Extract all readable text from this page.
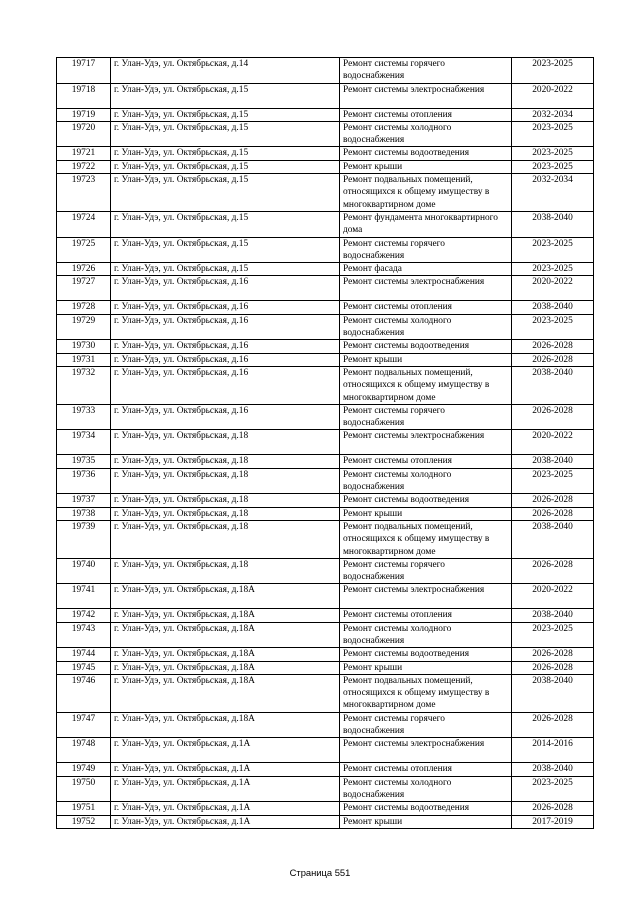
19717	г. Улан-Удэ, ул. Октябрьская, д.14	Ремонт системы горячего водоснабжения	2023-2025
19718	г. Улан-Удэ, ул. Октябрьская, д.15	Ремонт системы электроснабжения	2020-2022
19719	г. Улан-Удэ, ул. Октябрьская, д.15	Ремонт системы отопления	2032-2034
19720	г. Улан-Удэ, ул. Октябрьская, д.15	Ремонт системы холодного водоснабжения	2023-2025
19721	г. Улан-Удэ, ул. Октябрьская, д.15	Ремонт системы водоотведения	2023-2025
19722	г. Улан-Удэ, ул. Октябрьская, д.15	Ремонт крыши	2023-2025
19723	г. Улан-Удэ, ул. Октябрьская, д.15	Ремонт подвальных помещений, относящихся к общему имуществу в многоквартирном доме	2032-2034
19724	г. Улан-Удэ, ул. Октябрьская, д.15	Ремонт фундамента многоквартирного дома	2038-2040
19725	г. Улан-Удэ, ул. Октябрьская, д.15	Ремонт системы горячего водоснабжения	2023-2025
19726	г. Улан-Удэ, ул. Октябрьская, д.15	Ремонт фасада	2023-2025
19727	г. Улан-Удэ, ул. Октябрьская, д.16	Ремонт системы электроснабжения	2020-2022
19728	г. Улан-Удэ, ул. Октябрьская, д.16	Ремонт системы отопления	2038-2040
19729	г. Улан-Удэ, ул. Октябрьская, д.16	Ремонт системы холодного водоснабжения	2023-2025
19730	г. Улан-Удэ, ул. Октябрьская, д.16	Ремонт системы водоотведения	2026-2028
19731	г. Улан-Удэ, ул. Октябрьская, д.16	Ремонт крыши	2026-2028
19732	г. Улан-Удэ, ул. Октябрьская, д.16	Ремонт подвальных помещений, относящихся к общему имуществу в многоквартирном доме	2038-2040
19733	г. Улан-Удэ, ул. Октябрьская, д.16	Ремонт системы горячего водоснабжения	2026-2028
19734	г. Улан-Удэ, ул. Октябрьская, д.18	Ремонт системы электроснабжения	2020-2022
19735	г. Улан-Удэ, ул. Октябрьская, д.18	Ремонт системы отопления	2038-2040
19736	г. Улан-Удэ, ул. Октябрьская, д.18	Ремонт системы холодного водоснабжения	2023-2025
19737	г. Улан-Удэ, ул. Октябрьская, д.18	Ремонт системы водоотведения	2026-2028
19738	г. Улан-Удэ, ул. Октябрьская, д.18	Ремонт крыши	2026-2028
19739	г. Улан-Удэ, ул. Октябрьская, д.18	Ремонт подвальных помещений, относящихся к общему имуществу в многоквартирном доме	2038-2040
19740	г. Улан-Удэ, ул. Октябрьская, д.18	Ремонт системы горячего водоснабжения	2026-2028
19741	г. Улан-Удэ, ул. Октябрьская, д.18А	Ремонт системы электроснабжения	2020-2022
19742	г. Улан-Удэ, ул. Октябрьская, д.18А	Ремонт системы отопления	2038-2040
19743	г. Улан-Удэ, ул. Октябрьская, д.18А	Ремонт системы холодного водоснабжения	2023-2025
19744	г. Улан-Удэ, ул. Октябрьская, д.18А	Ремонт системы водоотведения	2026-2028
19745	г. Улан-Удэ, ул. Октябрьская, д.18А	Ремонт крыши	2026-2028
19746	г. Улан-Удэ, ул. Октябрьская, д.18А	Ремонт подвальных помещений, относящихся к общему имуществу в многоквартирном доме	2038-2040
19747	г. Улан-Удэ, ул. Октябрьская, д.18А	Ремонт системы горячего водоснабжения	2026-2028
19748	г. Улан-Удэ, ул. Октябрьская, д.1А	Ремонт системы электроснабжения	2014-2016
19749	г. Улан-Удэ, ул. Октябрьская, д.1А	Ремонт системы отопления	2038-2040
19750	г. Улан-Удэ, ул. Октябрьская, д.1А	Ремонт системы холодного водоснабжения	2023-2025
19751	г. Улан-Удэ, ул. Октябрьская, д.1А	Ремонт системы водоотведения	2026-2028
19752	г. Улан-Удэ, ул. Октябрьская, д.1А	Ремонт крыши	2017-2019
Страница 551
